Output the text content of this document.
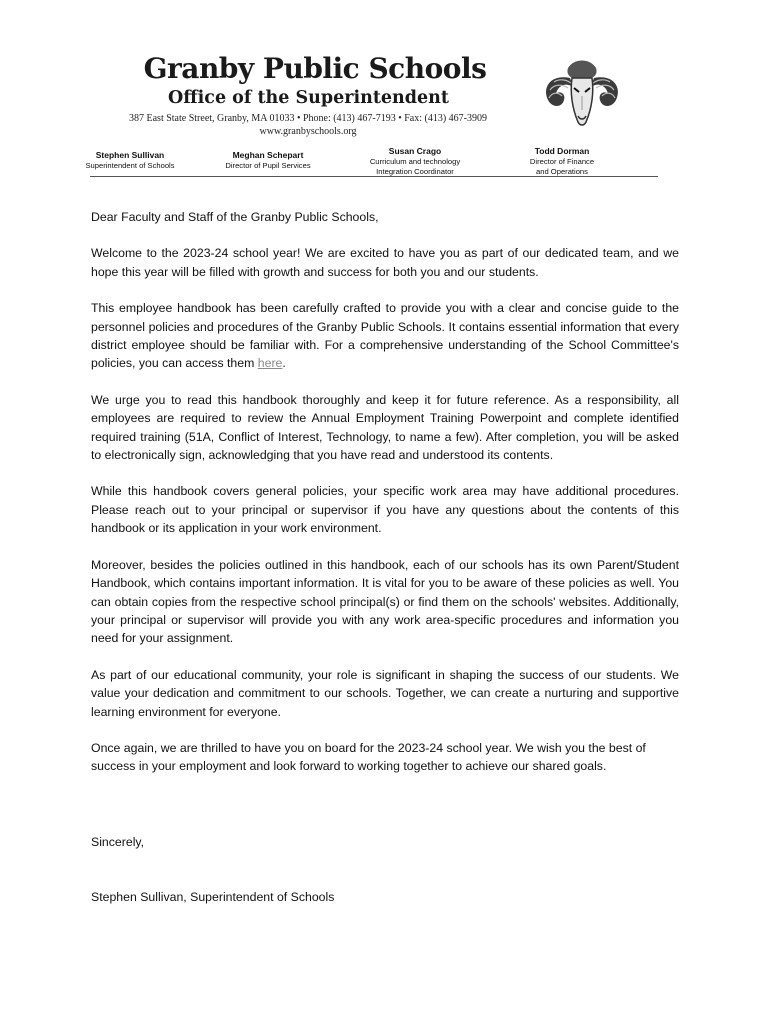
Granby Public Schools
Office of the Superintendent
387 East State Street, Granby, MA 01033 • Phone: (413) 467-7193 • Fax: (413) 467-3909
www.granbyschools.org
Stephen Sullivan
Superintendent of Schools
Meghan Schepart
Director of Pupil Services
Susan Crago
Curriculum and technology
Integration Coordinator
Todd Dorman
Director of Finance
and Operations

Dear Faculty and Staff of the Granby Public Schools,

Welcome to the 2023-24 school year! We are excited to have you as part of our dedicated team, and we hope this year will be filled with growth and success for both you and our students.

This employee handbook has been carefully crafted to provide you with a clear and concise guide to the personnel policies and procedures of the Granby Public Schools. It contains essential information that every district employee should be familiar with. For a comprehensive understanding of the School Committee's policies, you can access them here.

We urge you to read this handbook thoroughly and keep it for future reference. As a responsibility, all employees are required to review the Annual Employment Training Powerpoint and complete identified required training (51A, Conflict of Interest, Technology, to name a few). After completion, you will be asked to electronically sign, acknowledging that you have read and understood its contents.

While this handbook covers general policies, your specific work area may have additional procedures. Please reach out to your principal or supervisor if you have any questions about the contents of this handbook or its application in your work environment.

Moreover, besides the policies outlined in this handbook, each of our schools has its own Parent/Student Handbook, which contains important information. It is vital for you to be aware of these policies as well. You can obtain copies from the respective school principal(s) or find them on the schools' websites. Additionally, your principal or supervisor will provide you with any work area-specific procedures and information you need for your assignment.

As part of our educational community, your role is significant in shaping the success of our students. We value your dedication and commitment to our schools. Together, we can create a nurturing and supportive learning environment for everyone.

Once again, we are thrilled to have you on board for the 2023-24 school year. We wish you the best of success in your employment and look forward to working together to achieve our shared goals.

Sincerely,
Stephen Sullivan, Superintendent of Schools
